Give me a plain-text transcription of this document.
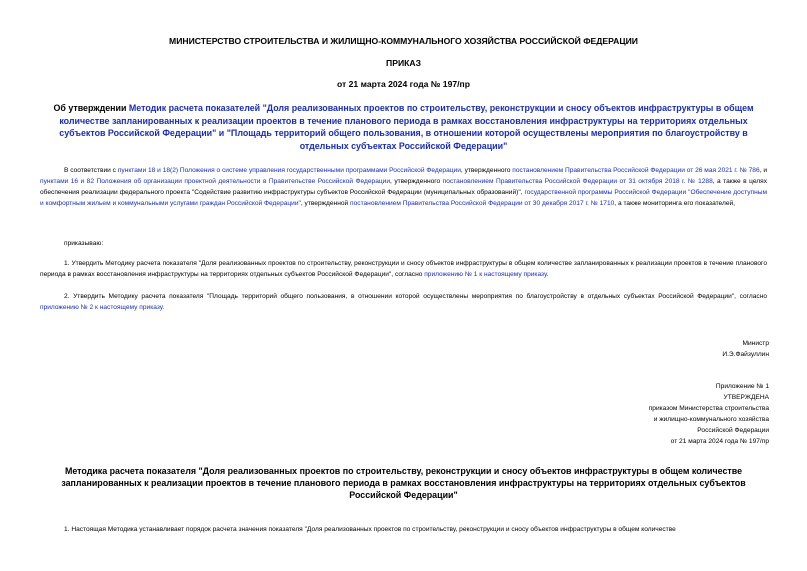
МИНИСТЕРСТВО СТРОИТЕЛЬСТВА И ЖИЛИЩНО-КОММУНАЛЬНОГО ХОЗЯЙСТВА РОССИЙСКОЙ ФЕДЕРАЦИИ
ПРИКАЗ
от 21 марта 2024 года № 197/пр
Об утверждении Методик расчета показателей "Доля реализованных проектов по строительству, реконструкции и сносу объектов инфраструктуры в общем количестве запланированных к реализации проектов в течение планового периода в рамках восстановления инфраструктуры на территориях отдельных субъектов Российской Федерации" и "Площадь территорий общего пользования, в отношении которой осуществлены мероприятия по благоустройству в отдельных субъектах Российской Федерации"
В соответствии с пунктами 18 и 18(2) Положения о системе управления государственными программами Российской Федерации, утвержденного постановлением Правительства Российской Федерации от 26 мая 2021 г. № 786, и пунктами 16 и 82 Положения об организации проектной деятельности в Правительстве Российской Федерации, утвержденного постановлением Правительства Российской Федерации от 31 октября 2018 г. № 1288, а также в целях обеспечения реализации федерального проекта "Содействие развитию инфраструктуры субъектов Российской Федерации (муниципальных образований)", государственной программы Российской Федерации "Обеспечение доступным и комфортным жильем и коммунальными услугами граждан Российской Федерации", утвержденной постановлением Правительства Российской Федерации от 30 декабря 2017 г. № 1710, а также мониторинга его показателей,
приказываю:
1. Утвердить Методику расчета показателя "Доля реализованных проектов по строительству, реконструкции и сносу объектов инфраструктуры в общем количестве запланированных к реализации проектов в течение планового периода в рамках восстановления инфраструктуры на территориях отдельных субъектов Российской Федерации", согласно приложению № 1 к настоящему приказу.
2. Утвердить Методику расчета показателя "Площадь территорий общего пользования, в отношении которой осуществлены мероприятия по благоустройству в отдельных субъектах Российской Федерации", согласно приложению № 2 к настоящему приказу.
Министр
И.Э.Файзуллин
Приложение № 1
УТВЕРЖДЕНА
приказом Министерства строительства
и жилищно-коммунального хозяйства
Российской Федерации
от 21 марта 2024 года № 197/пр
Методика расчета показателя "Доля реализованных проектов по строительству, реконструкции и сносу объектов инфраструктуры в общем количестве запланированных к реализации проектов в течение планового периода в рамках восстановления инфраструктуры на территориях отдельных субъектов Российской Федерации"
1. Настоящая Методика устанавливает порядок расчета значения показателя "Доля реализованных проектов по строительству, реконструкции и сносу объектов инфраструктуры в общем количестве
